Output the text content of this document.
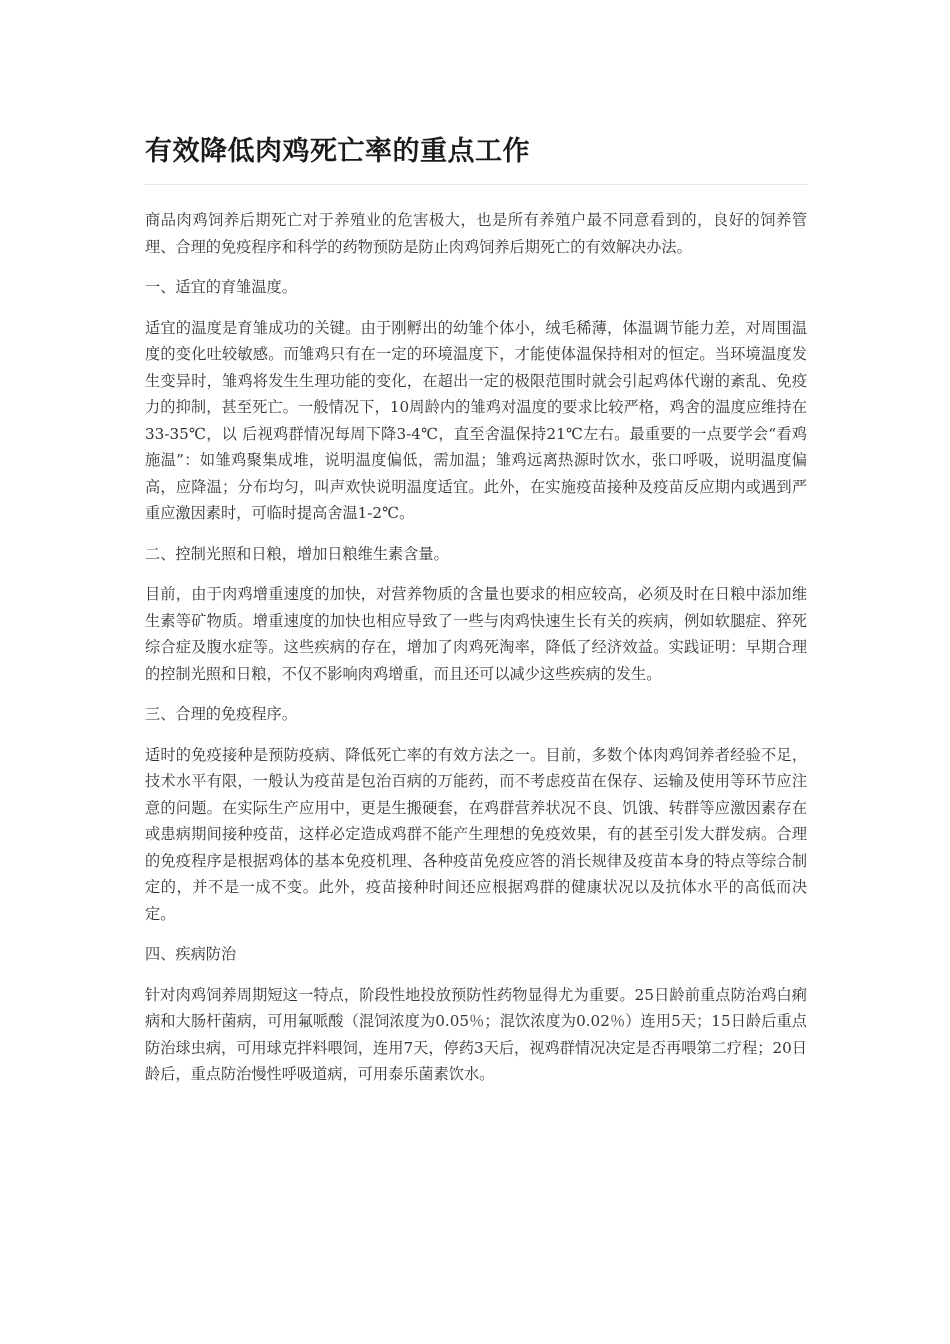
有效降低肉鸡死亡率的重点工作

商品肉鸡饲养后期死亡对于养殖业的危害极大，也是所有养殖户最不同意看到的，良好的饲养管理、合理的免疫程序和科学的药物预防是防止肉鸡饲养后期死亡的有效解决办法。

一、适宜的育雏温度。

适宜的温度是育雏成功的关键。由于刚孵出的幼雏个体小，绒毛稀薄，体温调节能力差，对周围温度的变化吐较敏感。而雏鸡只有在一定的环境温度下，才能使体温保持相对的恒定。当环境温度发生变异时，雏鸡将发生生理功能的变化，在超出一定的极限范围时就会引起鸡体代谢的紊乱、免疫力的抑制，甚至死亡。一般情况下，10周龄内的雏鸡对温度的要求比较严格，鸡舍的温度应维持在33-35℃，以 后视鸡群情况每周下降3-4℃，直至舍温保持21℃左右。最重要的一点要学会“看鸡施温”：如雏鸡聚集成堆，说明温度偏低，需加温；雏鸡远离热源时饮水，张口呼吸，说明温度偏高，应降温；分布均匀，叫声欢快说明温度适宜。此外，在实施疫苗接种及疫苗反应期内或遇到严重应激因素时，可临时提高舍温1-2℃。

二、控制光照和日粮，增加日粮维生素含量。

目前，由于肉鸡增重速度的加快，对营养物质的含量也要求的相应较高，必须及时在日粮中添加维生素等矿物质。增重速度的加快也相应导致了一些与肉鸡快速生长有关的疾病，例如软腿症、猝死综合症及腹水症等。这些疾病的存在，增加了肉鸡死淘率，降低了经济效益。实践证明：早期合理的控制光照和日粮，不仅不影响肉鸡增重，而且还可以减少这些疾病的发生。

三、合理的免疫程序。

适时的免疫接种是预防疫病、降低死亡率的有效方法之一。目前，多数个体肉鸡饲养者经验不足，技术水平有限，一般认为疫苗是包治百病的万能药，而不考虑疫苗在保存、运输及使用等环节应注意的问题。在实际生产应用中，更是生搬硬套，在鸡群营养状况不良、饥饿、转群等应激因素存在或患病期间接种疫苗，这样必定造成鸡群不能产生理想的免疫效果，有的甚至引发大群发病。合理的免疫程序是根据鸡体的基本免疫机理、各种疫苗免疫应答的消长规律及疫苗本身的特点等综合制定的，并不是一成不变。此外，疫苗接种时间还应根据鸡群的健康状况以及抗体水平的高低而决定。

四、疾病防治

针对肉鸡饲养周期短这一特点，阶段性地投放预防性药物显得尤为重要。25日龄前重点防治鸡白痢病和大肠杆菌病，可用氟哌酸（混饲浓度为0.05％；混饮浓度为0.02％）连用5天；15日龄后重点防治球虫病，可用球克拌料喂饲，连用7天，停药3天后，视鸡群情况决定是否再喂第二疗程；20日龄后，重点防治慢性呼吸道病，可用泰乐菌素饮水。
